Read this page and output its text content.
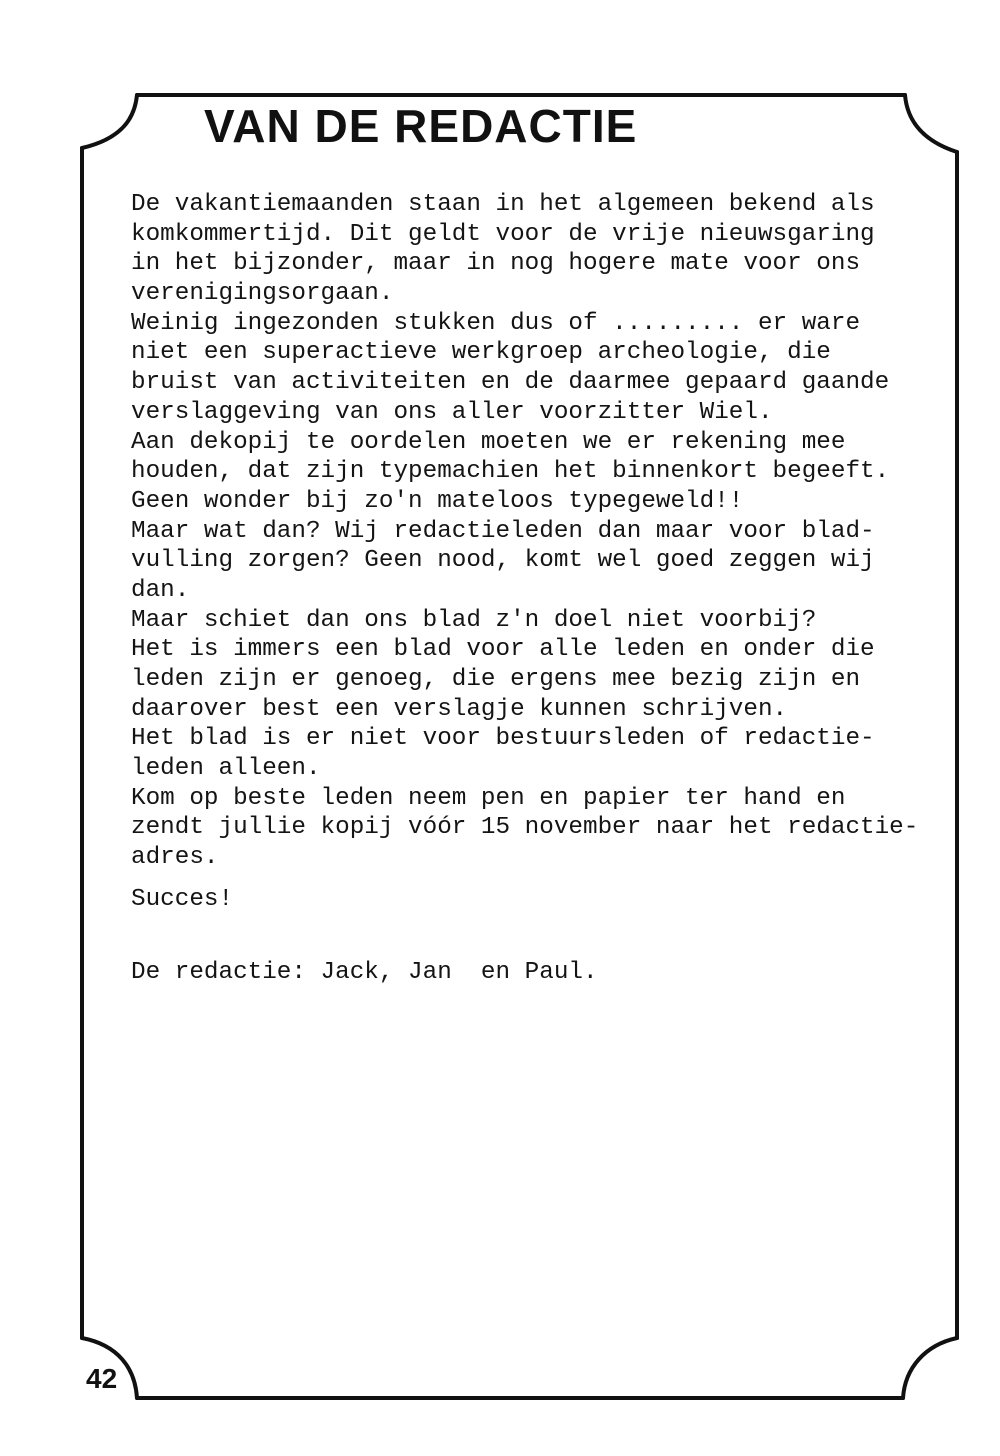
VAN DE REDACTIE
De vakantiemaanden staan in het algemeen bekend als
komkommertijd. Dit geldt voor de vrije nieuwsgaring
in het bijzonder, maar in nog hogere mate voor ons
verenigingsorgaan.
Weinig ingezonden stukken dus of ......... er ware
niet een superactieve werkgroep archeologie, die
bruist van activiteiten en de daarmee gepaard gaande
verslaggeving van ons aller voorzitter Wiel.
Aan dekopij te oordelen moeten we er rekening mee
houden, dat zijn typemachien het binnenkort begeeft.
Geen wonder bij zo'n mateloos typegeweld!!
Maar wat dan? Wij redactieleden dan maar voor blad-
vulling zorgen? Geen nood, komt wel goed zeggen wij
dan.
Maar schiet dan ons blad z'n doel niet voorbij?
Het is immers een blad voor alle leden en onder die
leden zijn er genoeg, die ergens mee bezig zijn en
daarover best een verslagje kunnen schrijven.
Het blad is er niet voor bestuursleden of redactie-
leden alleen.
Kom op beste leden neem pen en papier ter hand en
zendt jullie kopij vóór 15 november naar het redactie-
adres.
Succes!
De redactie: Jack, Jan  en Paul.
42
